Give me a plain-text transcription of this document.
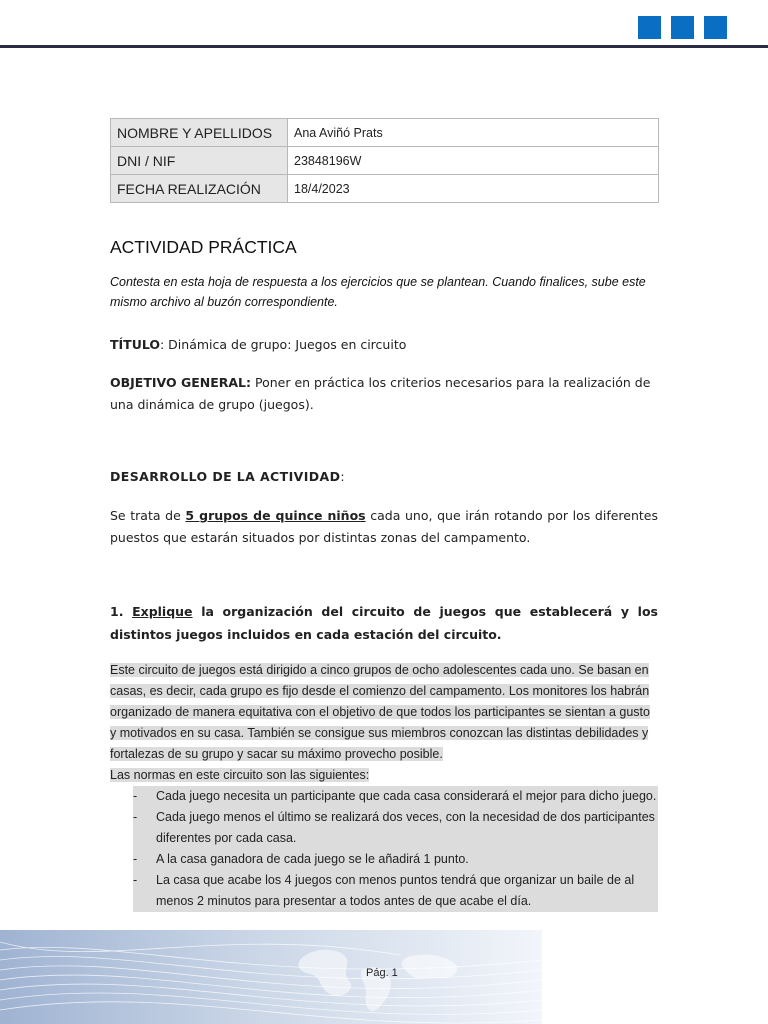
NOMBRE Y APELLIDOS	Ana Aviñó Prats
DNI / NIF	23848196W
FECHA REALIZACIÓN	18/4/2023
ACTIVIDAD PRÁCTICA
Contesta en esta hoja de respuesta a los ejercicios que se plantean. Cuando finalices, sube este mismo archivo al buzón correspondiente.
TÍTULO: Dinámica de grupo: Juegos en circuito
OBJETIVO GENERAL: Poner en práctica los criterios necesarios para la realización de una dinámica de grupo (juegos).
DESARROLLO DE LA ACTIVIDAD:
Se trata de 5 grupos de quince niños cada uno, que irán rotando por los diferentes puestos que estarán situados por distintas zonas del campamento.
1. Explique la organización del circuito de juegos que establecerá y los distintos juegos incluidos en cada estación del circuito.
Este circuito de juegos está dirigido a cinco grupos de ocho adolescentes cada uno. Se basan en casas, es decir, cada grupo es fijo desde el comienzo del campamento. Los monitores los habrán organizado de manera equitativa con el objetivo de que todos los participantes se sientan a gusto y motivados en su casa. También se consigue sus miembros conozcan las distintas debilidades y fortalezas de su grupo y sacar su máximo provecho posible.
Las normas en este circuito son las siguientes:
- Cada juego necesita un participante que cada casa considerará el mejor para dicho juego.
- Cada juego menos el último se realizará dos veces, con la necesidad de dos participantes diferentes por cada casa.
- A la casa ganadora de cada juego se le añadirá 1 punto.
- La casa que acabe los 4 juegos con menos puntos tendrá que organizar un baile de al menos 2 minutos para presentar a todos antes de que acabe el día.
Pág. 1
